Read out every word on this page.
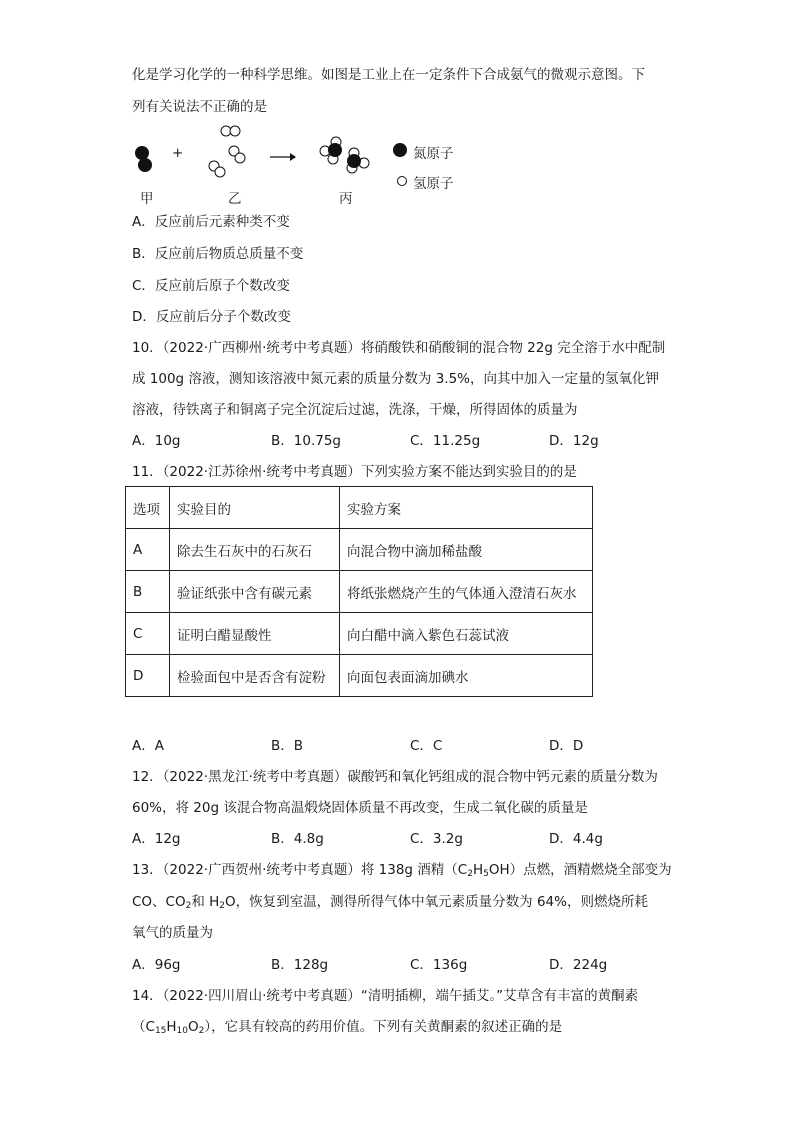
化是学习化学的一种科学思维。如图是工业上在一定条件下合成氨气的微观示意图。下
列有关说法不正确的是
+
甲	乙	丙
氮原子
氢原子
A．反应前后元素种类不变
B．反应前后物质总质量不变
C．反应前后原子个数改变
D．反应前后分子个数改变
10．（2022·广西柳州·统考中考真题）将硝酸铁和硝酸铜的混合物 22g 完全溶于水中配制
成 100g 溶液，测知该溶液中氮元素的质量分数为 3.5%，向其中加入一定量的氢氧化钾
溶液，待铁离子和铜离子完全沉淀后过滤，洗涤，干燥，所得固体的质量为
A．10g	B．10.75g	C．11.25g	D．12g
11．（2022·江苏徐州·统考中考真题）下列实验方案不能达到实验目的的是
选项	实验目的	实验方案
A	除去生石灰中的石灰石	向混合物中滴加稀盐酸
B	验证纸张中含有碳元素	将纸张燃烧产生的气体通入澄清石灰水
C	证明白醋显酸性	向白醋中滴入紫色石蕊试液
D	检验面包中是否含有淀粉	向面包表面滴加碘水
A．A	B．B	C．C	D．D
12．（2022·黑龙江·统考中考真题）碳酸钙和氧化钙组成的混合物中钙元素的质量分数为
60%，将 20g 该混合物高温煅烧固体质量不再改变，生成二氧化碳的质量是
A．12g	B．4.8g	C．3.2g	D．4.4g
13．（2022·广西贺州·统考中考真题）将 138g 酒精$(C_2H_5OH)$点燃，酒精燃烧全部变为
CO、$CO_2$和 $H_2O$，恢复到室温，测得所得气体中氧元素质量分数为 64%，则燃烧所耗
氧气的质量为
A．96g	B．128g	C．136g	D．224g
14．（2022·四川眉山·统考中考真题）“清明插柳，端午插艾。”艾草含有丰富的黄酮素
$(C_{15}H_{10}O_2)$，它具有较高的药用价值。下列有关黄酮素的叙述正确的是
